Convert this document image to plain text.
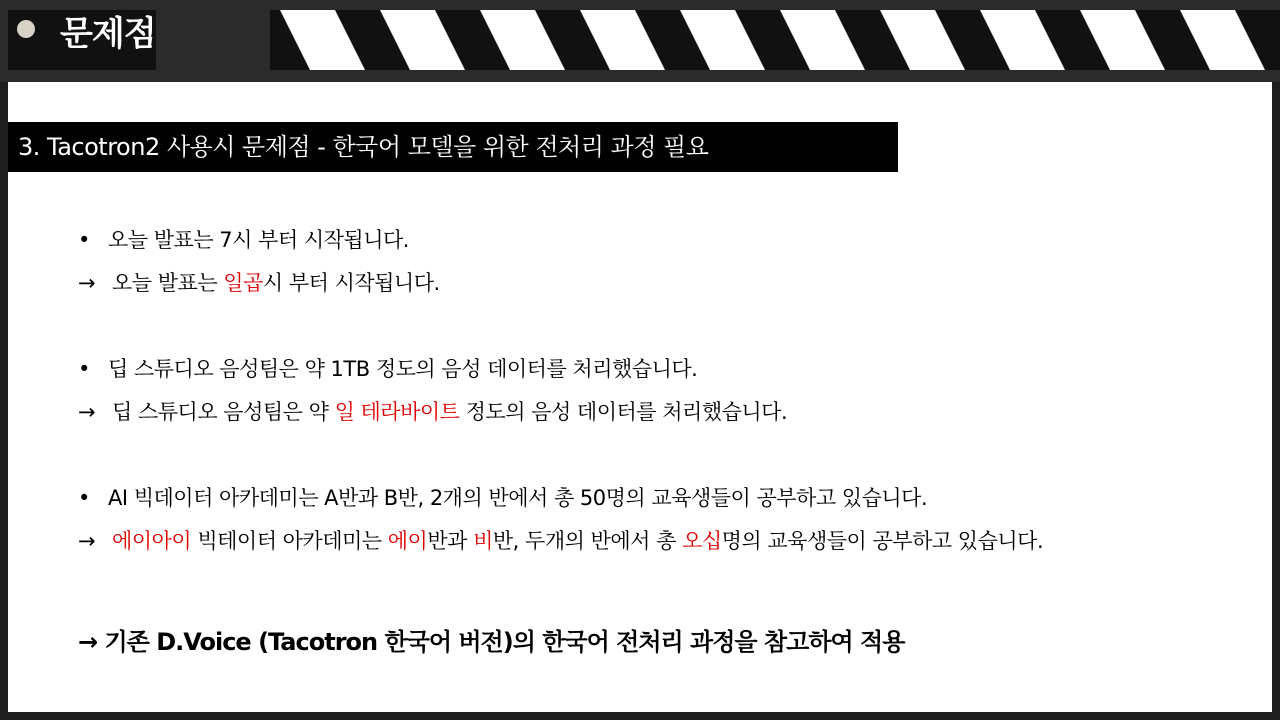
문제점
3. Tacotron2 사용시 문제점 - 한국어 모델을 위한 전처리 과정 필요
• 오늘 발표는 7시 부터 시작됩니다.
→ 오늘 발표는 일곱시 부터 시작됩니다.
• 딥 스튜디오 음성팀은 약 1TB 정도의 음성 데이터를 처리했습니다.
→ 딥 스튜디오 음성팀은 약 일 테라바이트 정도의 음성 데이터를 처리했습니다.
• AI 빅데이터 아카데미는 A반과 B반, 2개의 반에서 총 50명의 교육생들이 공부하고 있습니다.
→ 에이아이 빅테이터 아카데미는 에이반과 비반, 두개의 반에서 총 오십명의 교육생들이 공부하고 있습니다.
→ 기존 D.Voice (Tacotron 한국어 버전)의 한국어 전처리 과정을 참고하여 적용
